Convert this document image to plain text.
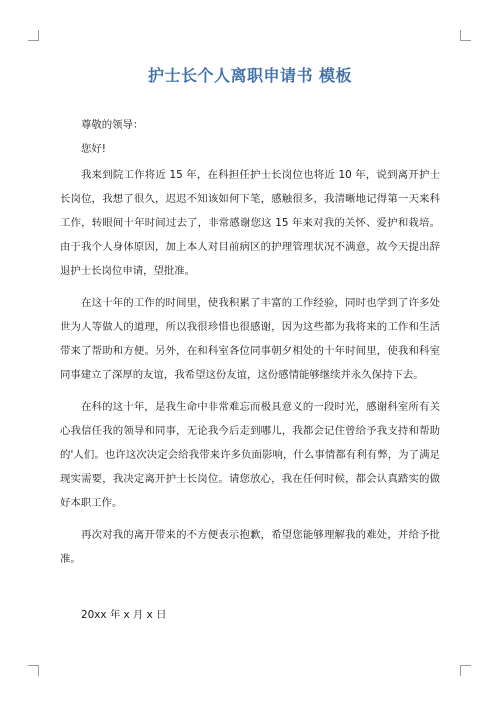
护士长个人离职申请书 模板

尊敬的领导：

您好!

我来到院工作将近 15 年，在科担任护士长岗位也将近 10 年，说到离开护士长岗位，我想了很久，迟迟不知该如何下笔，感触很多，我清晰地记得第一天来科工作，转眼间十年时间过去了，非常感谢您这 15 年来对我的关怀、爱护和栽培。由于我个人身体原因，加上本人对目前病区的护理管理状况不满意，故今天提出辞退护士长岗位申请，望批准。

在这十年的工作的时间里，使我积累了丰富的工作经验，同时也学到了许多处世为人等做人的道理，所以我很珍惜也很感谢，因为这些都为我将来的工作和生活带来了帮助和方便。另外，在和科室各位同事朝夕相处的十年时间里，使我和科室同事建立了深厚的友谊，我希望这份友谊，这份感情能够继续并永久保持下去。

在科的这十年，是我生命中非常难忘而极具意义的一段时光，感谢科室所有关心我信任我的领导和同事，无论我今后走到哪儿，我都会记住曾给予我支持和帮助的'人们。也许这次决定会给我带来许多负面影响，什么事情都有利有弊，为了满足现实需要，我决定离开护士长岗位。请您放心，我在任何时候，都会认真踏实的做好本职工作。

再次对我的离开带来的不方便表示抱歉，希望您能够理解我的难处，并给予批准。

20xx 年 x 月 x 日
